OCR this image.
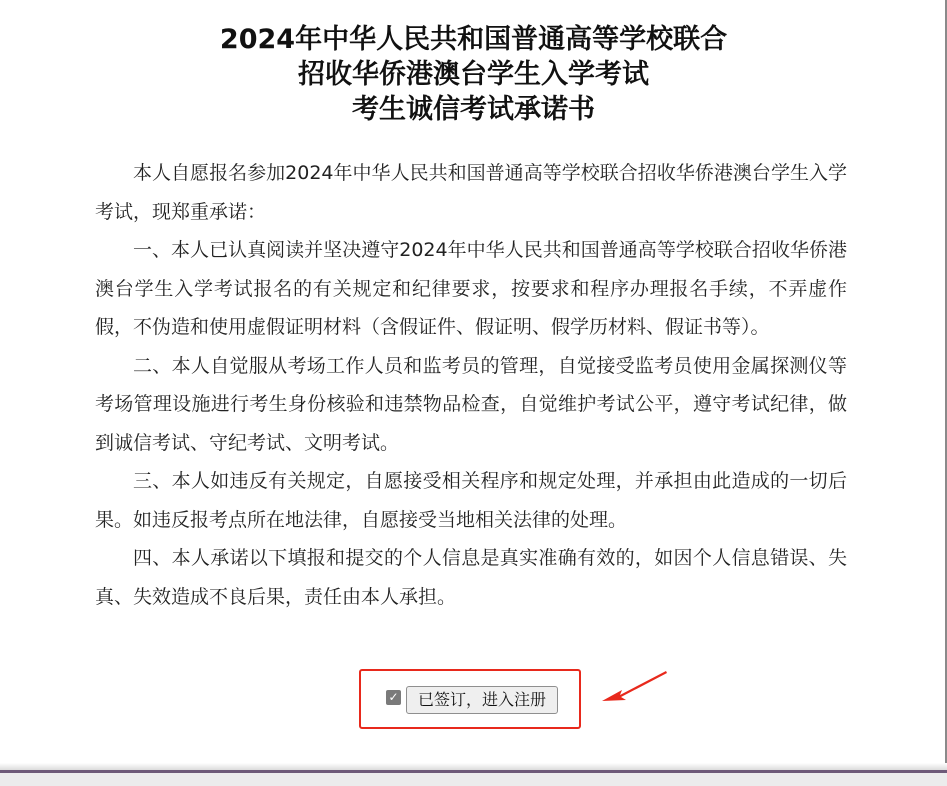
2024年中华人民共和国普通高等学校联合
招收华侨港澳台学生入学考试
考生诚信考试承诺书

本人自愿报名参加2024年中华人民共和国普通高等学校联合招收华侨港澳台学生入学考试，现郑重承诺：

一、本人已认真阅读并坚决遵守2024年中华人民共和国普通高等学校联合招收华侨港澳台学生入学考试报名的有关规定和纪律要求，按要求和程序办理报名手续，不弄虚作假，不伪造和使用虚假证明材料（含假证件、假证明、假学历材料、假证书等）。

二、本人自觉服从考场工作人员和监考员的管理，自觉接受监考员使用金属探测仪等考场管理设施进行考生身份核验和违禁物品检查，自觉维护考试公平，遵守考试纪律，做到诚信考试、守纪考试、文明考试。

三、本人如违反有关规定，自愿接受相关程序和规定处理，并承担由此造成的一切后果。如违反报考点所在地法律，自愿接受当地相关法律的处理。

四、本人承诺以下填报和提交的个人信息是真实准确有效的，如因个人信息错误、失真、失效造成不良后果，责任由本人承担。

✓	已签订，进入注册
